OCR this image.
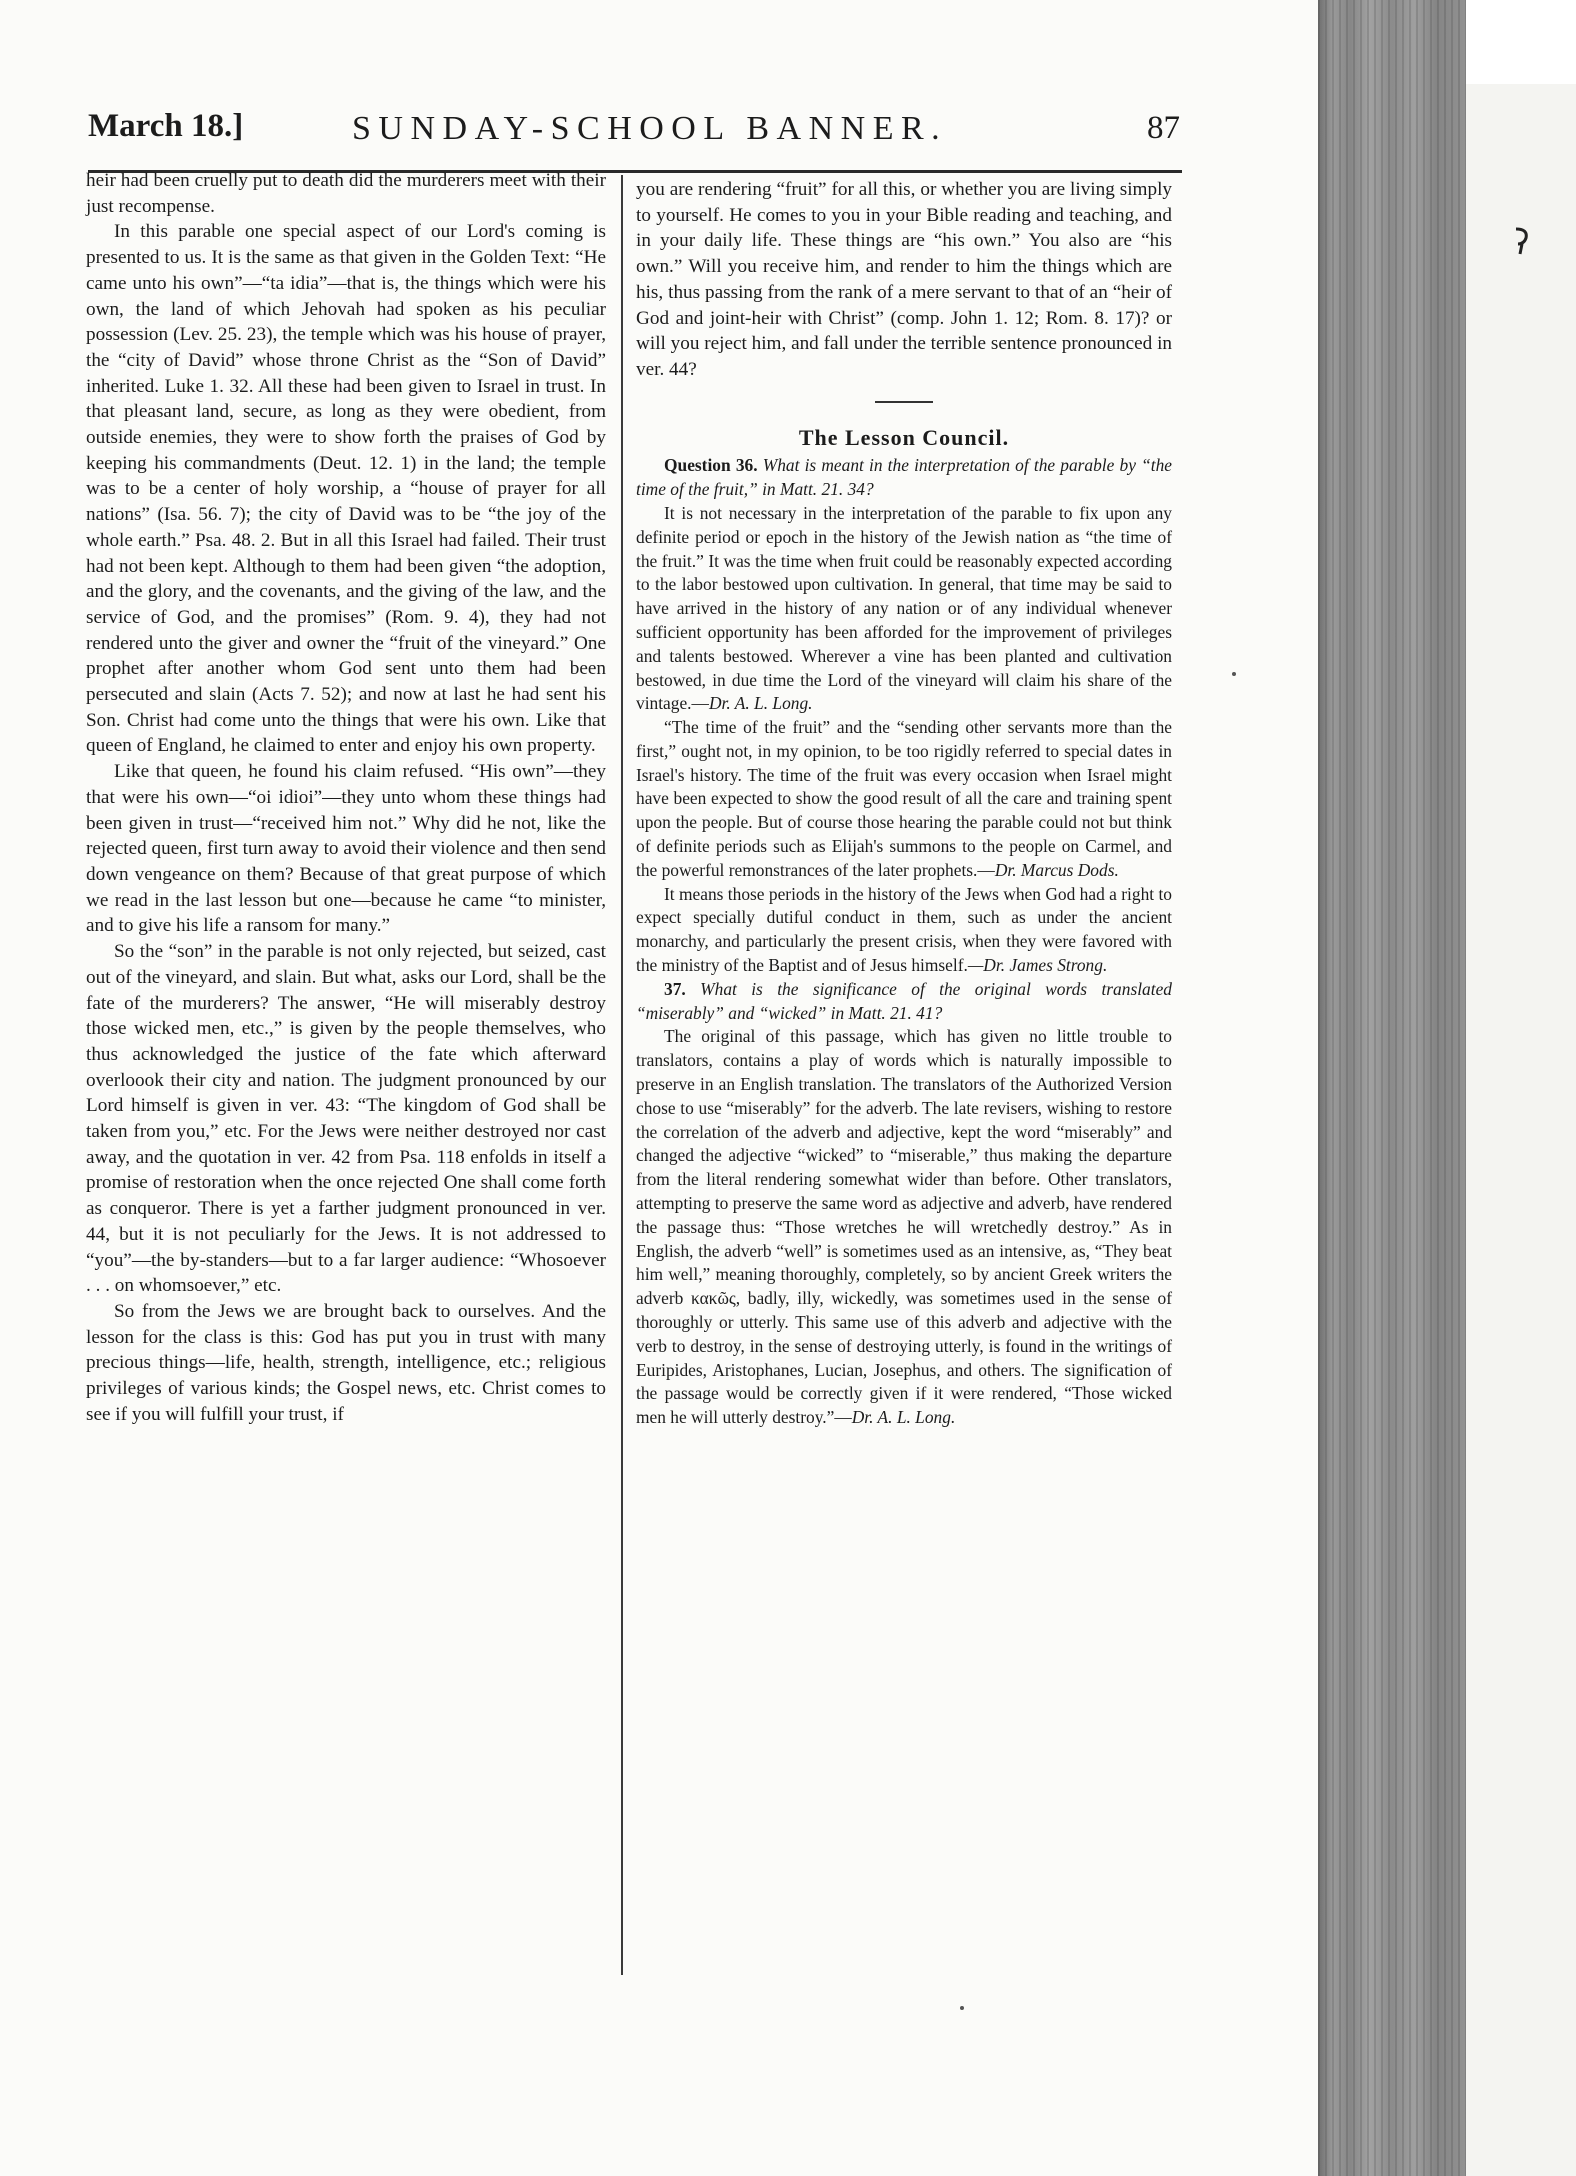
March 18.]	SUNDAY-SCHOOL BANNER.	87

heir had been cruelly put to death did the murderers meet with their just recompense.

In this parable one special aspect of our Lord's coming is presented to us. It is the same as that given in the Golden Text: “He came unto his own”—“ta idia”—that is, the things which were his own, the land of which Jehovah had spoken as his peculiar possession (Lev. 25. 23), the temple which was his house of prayer, the “city of David” whose throne Christ as the “Son of David” inherited. Luke 1. 32. All these had been given to Israel in trust. In that pleasant land, secure, as long as they were obedient, from outside enemies, they were to show forth the praises of God by keeping his commandments (Deut. 12. 1) in the land; the temple was to be a center of holy worship, a “house of prayer for all nations” (Isa. 56. 7); the city of David was to be “the joy of the whole earth.” Psa. 48. 2. But in all this Israel had failed. Their trust had not been kept. Although to them had been given “the adoption, and the glory, and the covenants, and the giving of the law, and the service of God, and the promises” (Rom. 9. 4), they had not rendered unto the giver and owner the “fruit of the vineyard.” One prophet after another whom God sent unto them had been persecuted and slain (Acts 7. 52); and now at last he had sent his Son. Christ had come unto the things that were his own. Like that queen of England, he claimed to enter and enjoy his own property.

Like that queen, he found his claim refused. “His own”—they that were his own—“oi idioi”—they unto whom these things had been given in trust—“received him not.” Why did he not, like the rejected queen, first turn away to avoid their violence and then send down vengeance on them? Because of that great purpose of which we read in the last lesson but one—because he came “to minister, and to give his life a ransom for many.”

So the “son” in the parable is not only rejected, but seized, cast out of the vineyard, and slain. But what, asks our Lord, shall be the fate of the murderers? The answer, “He will miserably destroy those wicked men, etc.,” is given by the people themselves, who thus acknowledged the justice of the fate which afterward overloook their city and nation. The judgment pronounced by our Lord himself is given in ver. 43: “The kingdom of God shall be taken from you,” etc. For the Jews were neither destroyed nor cast away, and the quotation in ver. 42 from Psa. 118 enfolds in itself a promise of restoration when the once rejected One shall come forth as conqueror. There is yet a farther judgment pronounced in ver. 44, but it is not peculiarly for the Jews. It is not addressed to “you”—the by-standers—but to a far larger audience: “Whosoever . . . on whomsoever,” etc.

So from the Jews we are brought back to ourselves. And the lesson for the class is this: God has put you in trust with many precious things—life, health, strength, intelligence, etc.; religious privileges of various kinds; the Gospel news, etc. Christ comes to see if you will fulfill your trust, if

you are rendering “fruit” for all this, or whether you are living simply to yourself. He comes to you in your Bible reading and teaching, and in your daily life. These things are “his own.” You also are “his own.” Will you receive him, and render to him the things which are his, thus passing from the rank of a mere servant to that of an “heir of God and joint-heir with Christ” (comp. John 1. 12; Rom. 8. 17)? or will you reject him, and fall under the terrible sentence pronounced in ver. 44?

The Lesson Council.

Question 36. What is meant in the interpretation of the parable by “the time of the fruit,” in Matt. 21. 34?

It is not necessary in the interpretation of the parable to fix upon any definite period or epoch in the history of the Jewish nation as “the time of the fruit.” It was the time when fruit could be reasonably expected according to the labor bestowed upon cultivation. In general, that time may be said to have arrived in the history of any nation or of any individual whenever sufficient opportunity has been afforded for the improvement of privileges and talents bestowed. Wherever a vine has been planted and cultivation bestowed, in due time the Lord of the vineyard will claim his share of the vintage.—Dr. A. L. Long.

“The time of the fruit” and the “sending other servants more than the first,” ought not, in my opinion, to be too rigidly referred to special dates in Israel's history. The time of the fruit was every occasion when Israel might have been expected to show the good result of all the care and training spent upon the people. But of course those hearing the parable could not but think of definite periods such as Elijah's summons to the people on Carmel, and the powerful remonstrances of the later prophets.—Dr. Marcus Dods.

It means those periods in the history of the Jews when God had a right to expect specially dutiful conduct in them, such as under the ancient monarchy, and particularly the present crisis, when they were favored with the ministry of the Baptist and of Jesus himself.—Dr. James Strong.

37. What is the significance of the original words translated “miserably” and “wicked” in Matt. 21. 41?

The original of this passage, which has given no little trouble to translators, contains a play of words which is naturally impossible to preserve in an English translation. The translators of the Authorized Version chose to use “miserably” for the adverb. The late revisers, wishing to restore the correlation of the adverb and adjective, kept the word “miserably” and changed the adjective “wicked” to “miserable,” thus making the departure from the literal rendering somewhat wider than before. Other translators, attempting to preserve the same word as adjective and adverb, have rendered the passage thus: “Those wretches he will wretchedly destroy.” As in English, the adverb “well” is sometimes used as an intensive, as, “They beat him well,” meaning thoroughly, completely, so by ancient Greek writers the adverb κακῶς, badly, illy, wickedly, was sometimes used in the sense of thoroughly or utterly. This same use of this adverb and adjective with the verb to destroy, in the sense of destroying utterly, is found in the writings of Euripides, Aristophanes, Lucian, Josephus, and others. The signification of the passage would be correctly given if it were rendered, “Those wicked men he will utterly destroy.”—Dr. A. L. Long.
